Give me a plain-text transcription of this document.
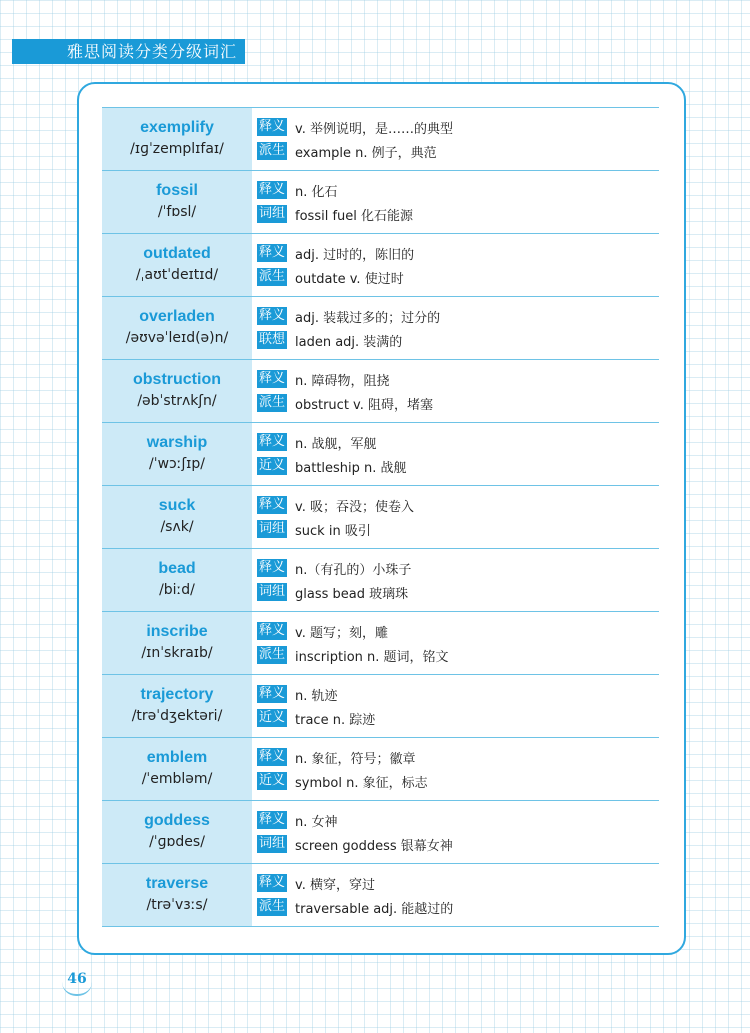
雅思阅读分类分级词汇
exemplify
/ɪɡˈzemplɪfaɪ/
释义 v. 举例说明，是……的典型
派生 example n. 例子，典范
fossil
/ˈfɒsl/
释义 n. 化石
词组 fossil fuel 化石能源
outdated
/ˌaʊtˈdeɪtɪd/
释义 adj. 过时的，陈旧的
派生 outdate v. 使过时
overladen
/əʊvəˈleɪd(ə)n/
释义 adj. 装载过多的；过分的
联想 laden adj. 装满的
obstruction
/əbˈstrʌkʃn/
释义 n. 障碍物，阻挠
派生 obstruct v. 阻碍，堵塞
warship
/ˈwɔːʃɪp/
释义 n. 战舰，军舰
近义 battleship n. 战舰
suck
/sʌk/
释义 v. 吸；吞没；使卷入
词组 suck in 吸引
bead
/biːd/
释义 n.（有孔的）小珠子
词组 glass bead 玻璃珠
inscribe
/ɪnˈskraɪb/
释义 v. 题写；刻，雕
派生 inscription n. 题词，铭文
trajectory
/trəˈdʒektəri/
释义 n. 轨迹
近义 trace n. 踪迹
emblem
/ˈembləm/
释义 n. 象征，符号；徽章
近义 symbol n. 象征，标志
goddess
/ˈɡɒdes/
释义 n. 女神
词组 screen goddess 银幕女神
traverse
/trəˈvɜːs/
释义 v. 横穿，穿过
派生 traversable adj. 能越过的
46
